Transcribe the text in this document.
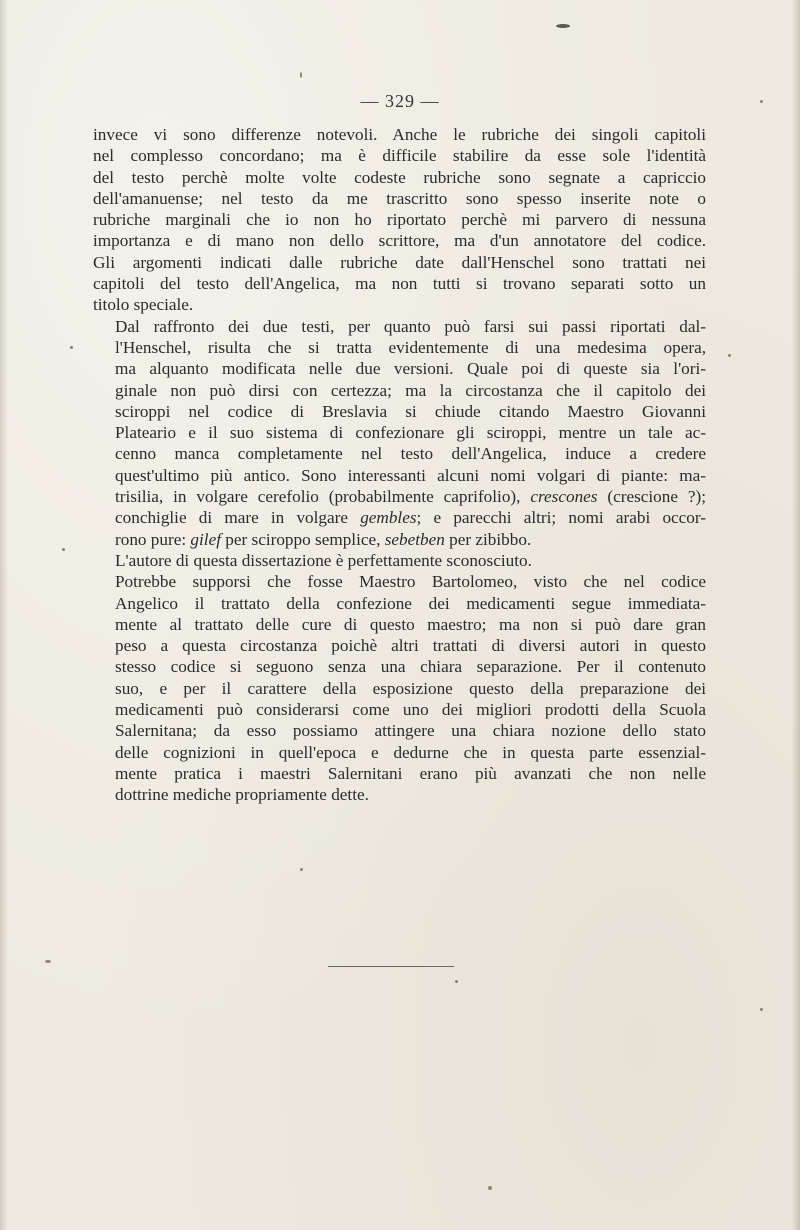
— 329 —

invece vi sono differenze notevoli. Anche le rubriche dei singoli capitoli
nel complesso concordano; ma è difficile stabilire da esse sole l'identità
del testo perchè molte volte codeste rubriche sono segnate a capriccio
dell'amanuense; nel testo da me trascritto sono spesso inserite note o
rubriche marginali che io non ho riportato perchè mi parvero di nessuna
importanza e di mano non dello scrittore, ma d'un annotatore del codice.
Gli argomenti indicati dalle rubriche date dall'Henschel sono trattati nei
capitoli del testo dell'Angelica, ma non tutti si trovano separati sotto un
titolo speciale.

Dal raffronto dei due testi, per quanto può farsi sui passi riportati dal-
l'Henschel, risulta che si tratta evidentemente di una medesima opera,
ma alquanto modificata nelle due versioni. Quale poi di queste sia l'ori-
ginale non può dirsi con certezza; ma la circostanza che il capitolo dei
sciroppi nel codice di Breslavia si chiude citando Maestro Giovanni
Plateario e il suo sistema di confezionare gli sciroppi, mentre un tale ac-
cenno manca completamente nel testo dell'Angelica, induce a credere
quest'ultimo più antico. Sono interessanti alcuni nomi volgari di piante: ma-
trisilia, in volgare cerefolio (probabilmente caprifolio), crescones (crescione ?);
conchiglie di mare in volgare gembles; e parecchi altri; nomi arabi occor-
rono pure: gilef per sciroppo semplice, sebetben per zibibbo.

L'autore di questa dissertazione è perfettamente sconosciuto.

Potrebbe supporsi che fosse Maestro Bartolomeo, visto che nel codice
Angelico il trattato della confezione dei medicamenti segue immediata-
mente al trattato delle cure di questo maestro; ma non si può dare gran
peso a questa circostanza poichè altri trattati di diversi autori in questo
stesso codice si seguono senza una chiara separazione. Per il contenuto
suo, e per il carattere della esposizione questo della preparazione dei
medicamenti può considerarsi come uno dei migliori prodotti della Scuola
Salernitana; da esso possiamo attingere una chiara nozione dello stato
delle cognizioni in quell'epoca e dedurne che in questa parte essenzial-
mente pratica i maestri Salernitani erano più avanzati che non nelle
dottrine mediche propriamente dette.
